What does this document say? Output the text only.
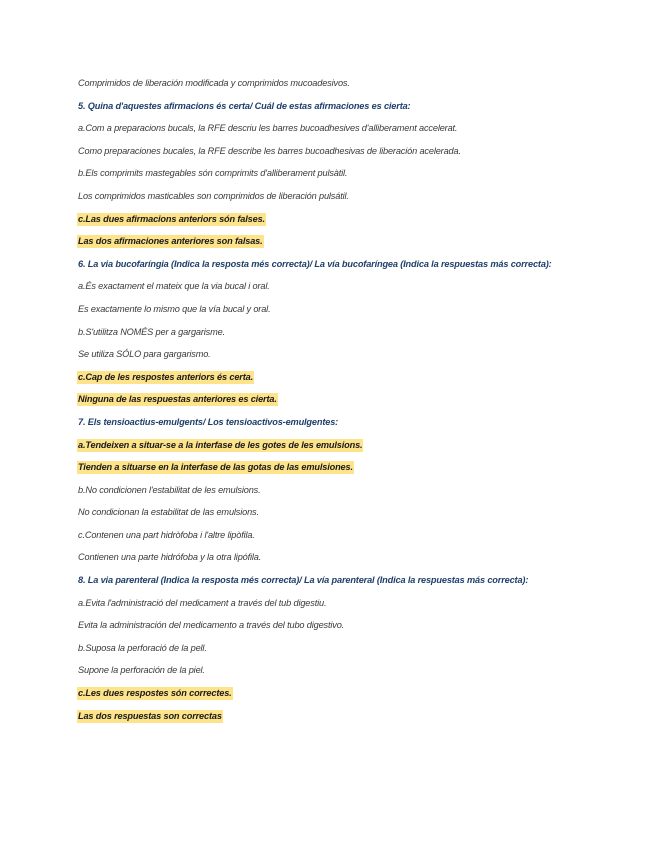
Comprimidos de liberación modificada y comprimidos mucoadesivos.
5. Quina d'aquestes afirmacions és certa/ Cuál de estas afirmaciones es cierta:
a.Com a preparacions bucals, la RFE descriu les barres bucoadhesives d'alliberament accelerat.
Como preparaciones bucales, la RFE describe les barres bucoadhesivas de liberación acelerada.
b.Els comprimits mastegables són comprimits d'alliberament pulsàtil.
Los comprimidos masticables son comprimidos de liberación pulsátil.
c.Las dues afirmacions anteriors són falses.
Las dos afirmaciones anteriores son falsas.
6. La via bucofaríngia (Indica la resposta més correcta)/ La vía bucofaríngea (Indica la respuestas más correcta):
a.És exactament el mateix que la via bucal i oral.
Es exactamente lo mismo que la vía bucal y oral.
b.S'utilitza NOMÉS per a gargarisme.
Se utiliza SÓLO para gargarismo.
c.Cap de les respostes anteriors és certa.
Ninguna de las respuestas anteriores es cierta.
7. Els tensioactius-emulgents/ Los tensioactivos-emulgentes:
a.Tendeixen a situar-se a la interfase de les gotes de les emulsions.
Tienden a situarse en la interfase de las gotas de las emulsiones.
b.No condicionen l'estabilitat de les emulsions.
No condicionan la estabilitat de las emulsions.
c.Contenen una part hidròfoba i l'altre lipòfila.
Contienen una parte hidrófoba y la otra lipófila.
8. La via parenteral (Indica la resposta més correcta)/ La vía parenteral (Indica la respuestas más correcta):
a.Evita l'administració del medicament a través del tub digestiu.
Evita la administración del medicamento a través del tubo digestivo.
b.Suposa la perforació de la pell.
Supone la perforación de la piel.
c.Les dues respostes són correctes.
Las dos respuestas son correctas
